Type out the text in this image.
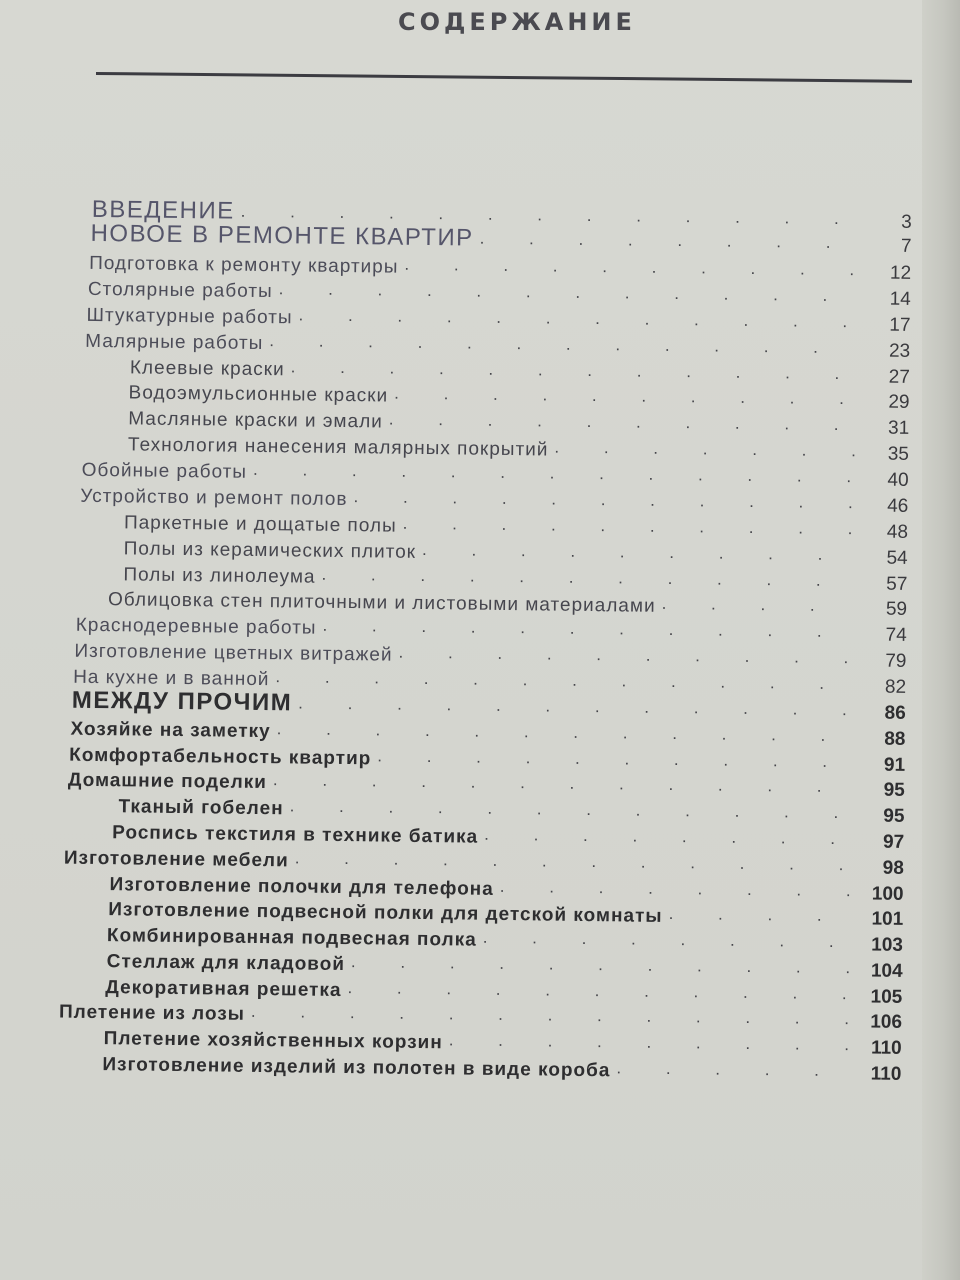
СОДЕРЖАНИЕ
ВВЕДЕНИЕ . . .	3
НОВОЕ В РЕМОНТЕ КВАРТИР . . .	7
Подготовка к ремонту квартиры . . .	12
Столярные работы . . .	14
Штукатурные работы . . .	17
Малярные работы . . .	23
Клеевые краски . . .	27
Водоэмульсионные краски . . .	29
Масляные краски и эмали . . .	31
Технология нанесения малярных покрытий . . .	35
Обойные работы . . .	40
Устройство и ремонт полов . . .	46
Паркетные и дощатые полы . . .	48
Полы из керамических плиток . . .	54
Полы из линолеума . . .	57
Облицовка стен плиточными и листовыми материалами . . .	59
Краснодеревные работы . . .	74
Изготовление цветных витражей . . .	79
На кухне и в ванной . . .	82
МЕЖДУ ПРОЧИМ . . .	86
Хозяйке на заметку . . .	88
Комфортабельность квартир . . .	91
Домашние поделки . . .	95
Тканый гобелен . . .	95
Роспись текстиля в технике батика . . .	97
Изготовление мебели . . .	98
Изготовление полочки для телефона . . .	100
Изготовление подвесной полки для детской комнаты . . .	101
Комбинированная подвесная полка . . .	103
Стеллаж для кладовой . . .	104
Декоративная решетка . . .	105
Плетение из лозы . . .	106
Плетение хозяйственных корзин . . .	110
Изготовление изделий из полотен в виде короба . . .	110
